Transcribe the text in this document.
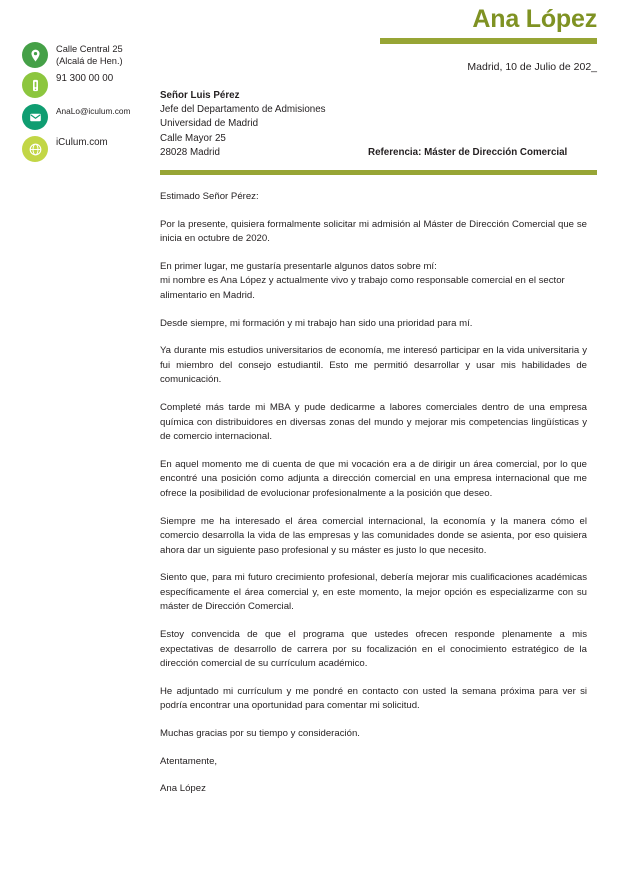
Ana López
Madrid, 10 de Julio de 202_
Calle Central 25
(Alcalá de Hen.)
91 300 00 00
AnaLo@iculum.com
iCulum.com
Señor Luis Pérez
Jefe del Departamento de Admisiones
Universidad de Madrid
Calle Mayor 25
28028 Madrid	Referencia: Máster de Dirección Comercial

Estimado Señor Pérez:

Por la presente, quisiera formalmente solicitar mi admisión al Máster de Dirección Comercial que se inicia en octubre de 2020.

En primer lugar, me gustaría presentarle algunos datos sobre mí:
mi nombre es Ana López y actualmente vivo y trabajo como responsable comercial en el sector alimentario en Madrid.

Desde siempre, mi formación y mi trabajo han sido una prioridad para mí.

Ya durante mis estudios universitarios de economía, me interesó participar en la vida universitaria y fui miembro del consejo estudiantil. Esto me permitió desarrollar y usar mis habilidades de comunicación.

Completé más tarde mi MBA y pude dedicarme a labores comerciales dentro de una empresa química con distribuidores en diversas zonas del mundo y mejorar mis competencias lingüísticas y de comercio internacional.

En aquel momento me di cuenta de que mi vocación era a de dirigir un área comercial, por lo que encontré una posición como adjunta a dirección comercial en una empresa internacional que me ofrece la posibilidad de evolucionar profesionalmente a la posición que deseo.

Siempre me ha interesado el área comercial internacional, la economía y la manera cómo el comercio desarrolla la vida de las empresas y las comunidades donde se asienta, por eso quisiera ahora dar un siguiente paso profesional y su máster es justo lo que necesito.

Siento que, para mi futuro crecimiento profesional, debería mejorar mis cualificaciones académicas específicamente el área comercial y, en este momento, la mejor opción es especializarme con su máster de Dirección Comercial.

Estoy convencida de que el programa que ustedes ofrecen responde plenamente a mis expectativas de desarrollo de carrera por su focalización en el conocimiento estratégico de la dirección comercial de su currículum académico.

He adjuntado mi currículum y me pondré en contacto con usted la semana próxima para ver si podría encontrar una oportunidad para comentar mi solicitud.

Muchas gracias por su tiempo y consideración.

Atentamente,

Ana López
